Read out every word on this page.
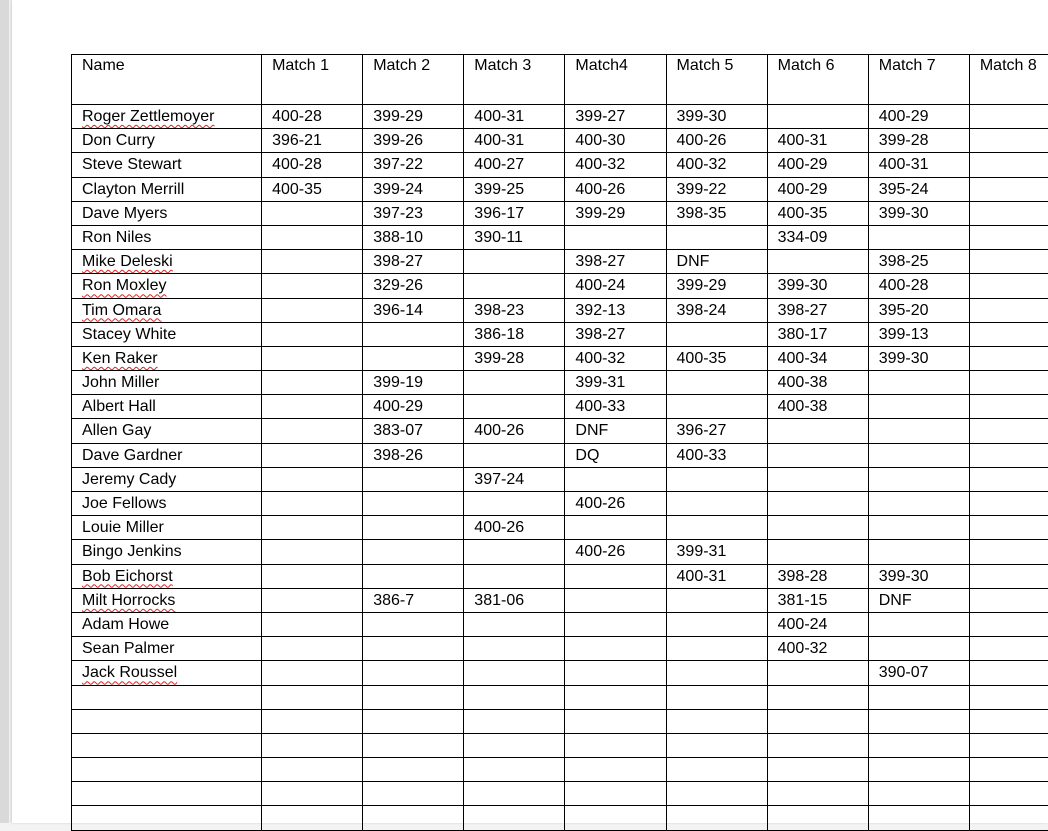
Name	Match 1	Match 2	Match 3	Match4	Match 5	Match 6	Match 7	Match 8
Roger Zettlemoyer	400-28	399-29	400-31	399-27	399-30		400-29	
Don Curry	396-21	399-26	400-31	400-30	400-26	400-31	399-28	
Steve Stewart	400-28	397-22	400-27	400-32	400-32	400-29	400-31	
Clayton Merrill	400-35	399-24	399-25	400-26	399-22	400-29	395-24	
Dave Myers		397-23	396-17	399-29	398-35	400-35	399-30	
Ron Niles		388-10	390-11			334-09		
Mike Deleski		398-27		398-27	DNF		398-25	
Ron Moxley		329-26		400-24	399-29	399-30	400-28	
Tim Omara		396-14	398-23	392-13	398-24	398-27	395-20	
Stacey White			386-18	398-27		380-17	399-13	
Ken Raker			399-28	400-32	400-35	400-34	399-30	
John Miller		399-19		399-31		400-38		
Albert Hall		400-29		400-33		400-38		
Allen Gay		383-07	400-26	DNF	396-27			
Dave Gardner		398-26		DQ	400-33			
Jeremy Cady			397-24					
Joe Fellows				400-26				
Louie Miller			400-26					
Bingo Jenkins				400-26	399-31			
Bob Eichorst					400-31	398-28	399-30	
Milt Horrocks		386-7	381-06			381-15	DNF	
Adam Howe						400-24		
Sean Palmer						400-32		
Jack Roussel							390-07	
